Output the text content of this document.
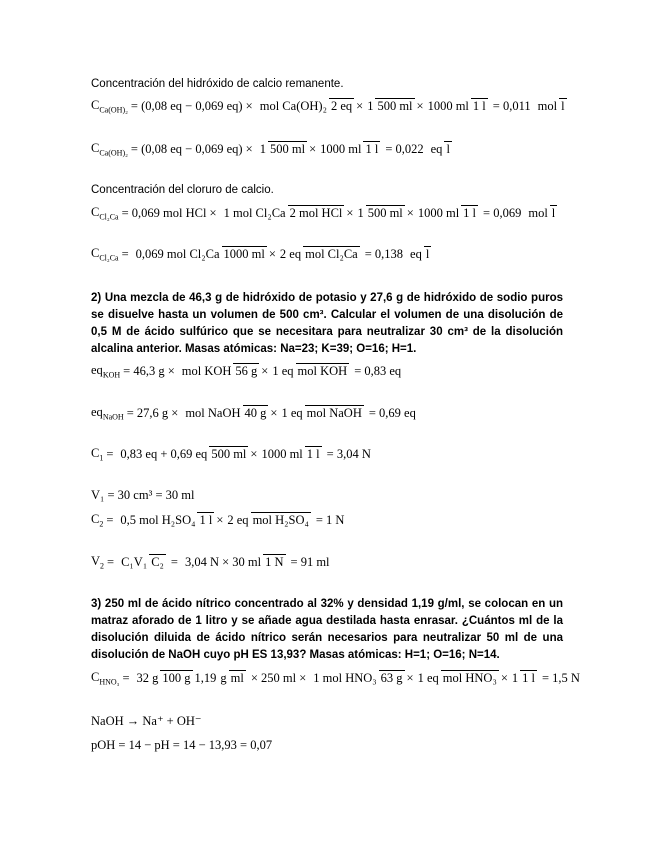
Concentración del hidróxido de calcio remanente.
$C_{Ca(OH)_2} = (0,08$ eq − 0,069 eq) × mol Ca(OH)₂ 2 eq × 1 500 ml × 1000 ml 1 l = 0,011 mol l
$C_{Ca(OH)_2} = (0,08$ eq − 0,069 eq) × 1 500 ml × 1000 ml 1 l = 0,022 eq l
Concentración del cloruro de calcio.
$C_{Cl_2Ca} = 0,069$ mol HCl × 1 mol Cl₂Ca 2 mol HCl × 1 500 ml × 1000 ml 1 l = 0,069 mol l
$C_{Cl_2Ca} = 0,069$ mol Cl₂Ca 1000 ml × 2 eq mol Cl₂Ca = 0,138 eq l
2) Una mezcla de 46,3 g de hidróxido de potasio y 27,6 g de hidróxido de sodio puros se disuelve hasta un volumen de 500 cm³. Calcular el volumen de una disolución de 0,5 M de ácido sulfúrico que se necesitara para neutralizar 30 cm³ de la disolución alcalina anterior. Masas atómicas: Na=23; K=39; O=16; H=1.
$eq_{KOH} = 46,3$ g × mol KOH 56 g × 1 eq mol KOH = 0,83 eq
$eq_{NaOH} = 27,6$ g × mol NaOH 40 g × 1 eq mol NaOH = 0,69 eq
$C_1 = 0,83$ eq + 0,69 eq 500 ml × 1000 ml 1 l = 3,04 N
V₁ = 30 cm³ = 30 ml
$C_2 = 0,5$ mol H₂SO₄ 1 l × 2 eq mol H₂SO₄ = 1 N
$V_2 = C_1V_1$ C₂ = 3,04 N × 30 ml 1 N = 91 ml
3) 250 ml de ácido nítrico concentrado al 32% y densidad 1,19 g/ml, se colocan en un matraz aforado de 1 litro y se añade agua destilada hasta enrasar. ¿Cuántos ml de la disolución diluida de ácido nítrico serán necesarios para neutralizar 50 ml de una disolución de NaOH cuyo pH ES 13,93? Masas atómicas: H=1; O=16; N=14.
$C_{HNO_3} = 32$ g 100 g 1,19 g ml × 250 ml × 1 mol HNO₃ 63 g × 1 eq mol HNO₃ × 1 1 l = 1,5 N
NaOH → Na⁺ + OH⁻
pOH = 14 − pH = 14 − 13,93 = 0,07
